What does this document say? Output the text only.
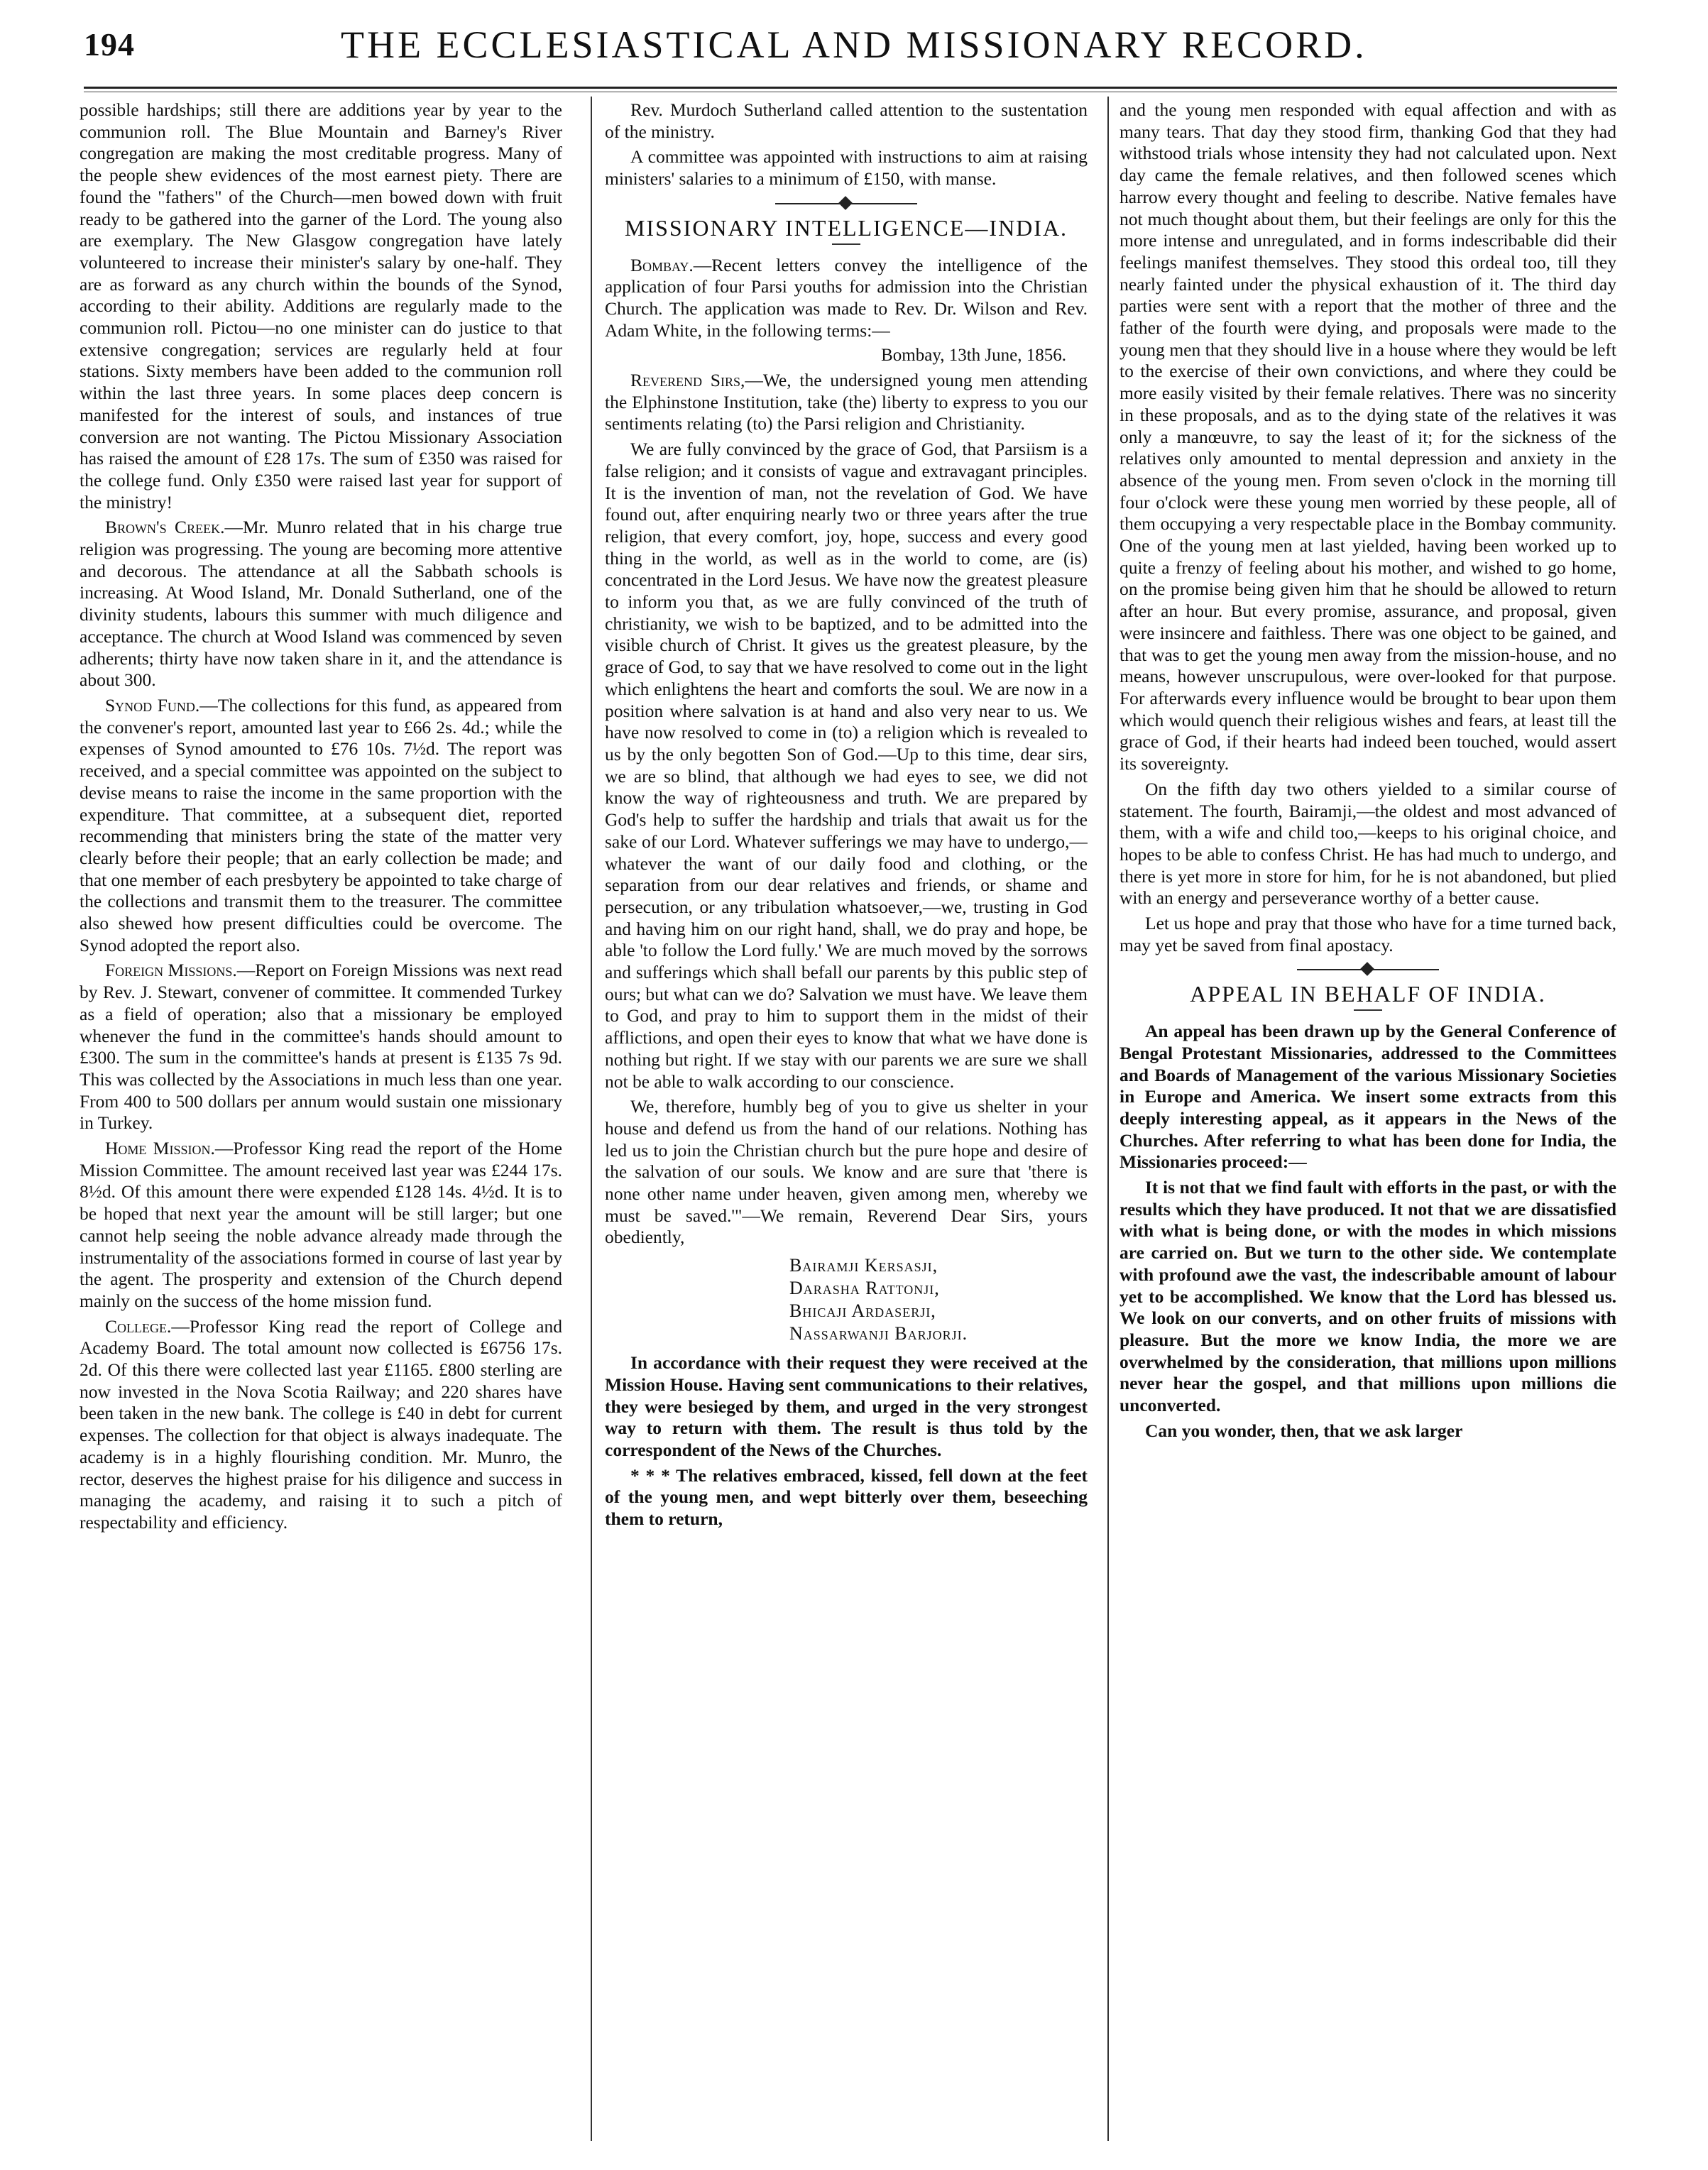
194	THE ECCLESIASTICAL AND MISSIONARY RECORD.

possible hardships; still there are additions year by year to the communion roll. The Blue Mountain and Barney's River congregation are making the most creditable progress. Many of the people shew evidences of the most earnest piety. There are found the "fathers" of the Church—men bowed down with fruit ready to be gathered into the garner of the Lord. The young also are exemplary. The New Glasgow congregation have lately volunteered to increase their minister's salary by one-half. They are as forward as any church within the bounds of the Synod, according to their ability. Additions are regularly made to the communion roll. Pictou—no one minister can do justice to that extensive congregation; services are regularly held at four stations. Sixty members have been added to the communion roll within the last three years. In some places deep concern is manifested for the interest of souls, and instances of true conversion are not wanting. The Pictou Missionary Association has raised the amount of £28 17s. The sum of £350 was raised for the college fund. Only £350 were raised last year for support of the ministry!

Brown's Creek.—Mr. Munro related that in his charge true religion was progressing. The young are becoming more attentive and decorous. The attendance at all the Sabbath schools is increasing. At Wood Island, Mr. Donald Sutherland, one of the divinity students, labours this summer with much diligence and acceptance. The church at Wood Island was commenced by seven adherents; thirty have now taken share in it, and the attendance is about 300.

Synod Fund.—The collections for this fund, as appeared from the convener's report, amounted last year to £66 2s. 4d.; while the expenses of Synod amounted to £76 10s. 7½d. The report was received, and a special committee was appointed on the subject to devise means to raise the income in the same proportion with the expenditure. That committee, at a subsequent diet, reported recommending that ministers bring the state of the matter very clearly before their people; that an early collection be made; and that one member of each presbytery be appointed to take charge of the collections and transmit them to the treasurer. The committee also shewed how present difficulties could be overcome. The Synod adopted the report also.

Foreign Missions.—Report on Foreign Missions was next read by Rev. J. Stewart, convener of committee. It commended Turkey as a field of operation; also that a missionary be employed whenever the fund in the committee's hands should amount to £300. The sum in the committee's hands at present is £135 7s 9d. This was collected by the Associations in much less than one year. From 400 to 500 dollars per annum would sustain one missionary in Turkey.

Home Mission.—Professor King read the report of the Home Mission Committee. The amount received last year was £244 17s. 8½d. Of this amount there were expended £128 14s. 4½d. It is to be hoped that next year the amount will be still larger; but one cannot help seeing the noble advance already made through the instrumentality of the associations formed in course of last year by the agent. The prosperity and extension of the Church depend mainly on the success of the home mission fund.

College.—Professor King read the report of College and Academy Board. The total amount now collected is £6756 17s. 2d. Of this there were collected last year £1165. £800 sterling are now invested in the Nova Scotia Railway; and 220 shares have been taken in the new bank. The college is £40 in debt for current expenses. The collection for that object is always inadequate. The academy is in a highly flourishing condition. Mr. Munro, the rector, deserves the highest praise for his diligence and success in managing the academy, and raising it to such a pitch of respectability and efficiency.

Rev. Murdoch Sutherland called attention to the sustentation of the ministry.

A committee was appointed with instructions to aim at raising ministers' salaries to a minimum of £150, with manse.

MISSIONARY INTELLIGENCE—INDIA.

Bombay.—Recent letters convey the intelligence of the application of four Parsi youths for admission into the Christian Church. The application was made to Rev. Dr. Wilson and Rev. Adam White, in the following terms:—

Bombay, 13th June, 1856.

Reverend Sirs,—We, the undersigned young men attending the Elphinstone Institution, take (the) liberty to express to you our sentiments relating (to) the Parsi religion and Christianity.

We are fully convinced by the grace of God, that Parsiism is a false religion; and it consists of vague and extravagant principles. It is the invention of man, not the revelation of God. We have found out, after enquiring nearly two or three years after the true religion, that every comfort, joy, hope, success and every good thing in the world, as well as in the world to come, are (is) concentrated in the Lord Jesus. We have now the greatest pleasure to inform you that, as we are fully convinced of the truth of christianity, we wish to be baptized, and to be admitted into the visible church of Christ. It gives us the greatest pleasure, by the grace of God, to say that we have resolved to come out in the light which enlightens the heart and comforts the soul. We are now in a position where salvation is at hand and also very near to us. We have now resolved to come in (to) a religion which is revealed to us by the only begotten Son of God.—Up to this time, dear sirs, we are so blind, that although we had eyes to see, we did not know the way of righteousness and truth. We are prepared by God's help to suffer the hardship and trials that await us for the sake of our Lord. Whatever sufferings we may have to undergo,—whatever the want of our daily food and clothing, or the separation from our dear relatives and friends, or shame and persecution, or any tribulation whatsoever,—we, trusting in God and having him on our right hand, shall, we do pray and hope, be able 'to follow the Lord fully.' We are much moved by the sorrows and sufferings which shall befall our parents by this public step of ours; but what can we do? Salvation we must have. We leave them to God, and pray to him to support them in the midst of their afflictions, and open their eyes to know that what we have done is nothing but right. If we stay with our parents we are sure we shall not be able to walk according to our conscience.

We, therefore, humbly beg of you to give us shelter in your house and defend us from the hand of our relations. Nothing has led us to join the Christian church but the pure hope and desire of the salvation of our souls. We know and are sure that 'there is none other name under heaven, given among men, whereby we must be saved.'"—We remain, Reverend Dear Sirs, yours obediently,

Bairamji Kersasji,
Darasha Rattonji,
Bhicaji Ardaserji,
Nassarwanji Barjorji.

In accordance with their request they were received at the Mission House. Having sent communications to their relatives, they were besieged by them, and urged in the very strongest way to return with them. The result is thus told by the correspondent of the News of the Churches.

* * * The relatives embraced, kissed, fell down at the feet of the young men, and wept bitterly over them, beseeching them to return,

and the young men responded with equal affection and with as many tears. That day they stood firm, thanking God that they had withstood trials whose intensity they had not calculated upon. Next day came the female relatives, and then followed scenes which harrow every thought and feeling to describe. Native females have not much thought about them, but their feelings are only for this the more intense and unregulated, and in forms indescribable did their feelings manifest themselves. They stood this ordeal too, till they nearly fainted under the physical exhaustion of it. The third day parties were sent with a report that the mother of three and the father of the fourth were dying, and proposals were made to the young men that they should live in a house where they would be left to the exercise of their own convictions, and where they could be more easily visited by their female relatives. There was no sincerity in these proposals, and as to the dying state of the relatives it was only a manœuvre, to say the least of it; for the sickness of the relatives only amounted to mental depression and anxiety in the absence of the young men. From seven o'clock in the morning till four o'clock were these young men worried by these people, all of them occupying a very respectable place in the Bombay community. One of the young men at last yielded, having been worked up to quite a frenzy of feeling about his mother, and wished to go home, on the promise being given him that he should be allowed to return after an hour. But every promise, assurance, and proposal, given were insincere and faithless. There was one object to be gained, and that was to get the young men away from the mission-house, and no means, however unscrupulous, were over-looked for that purpose. For afterwards every influence would be brought to bear upon them which would quench their religious wishes and fears, at least till the grace of God, if their hearts had indeed been touched, would assert its sovereignty.

On the fifth day two others yielded to a similar course of statement. The fourth, Bairamji,—the oldest and most advanced of them, with a wife and child too,—keeps to his original choice, and hopes to be able to confess Christ. He has had much to undergo, and there is yet more in store for him, for he is not abandoned, but plied with an energy and perseverance worthy of a better cause.

Let us hope and pray that those who have for a time turned back, may yet be saved from final apostacy.

APPEAL IN BEHALF OF INDIA.

An appeal has been drawn up by the General Conference of Bengal Protestant Missionaries, addressed to the Committees and Boards of Management of the various Missionary Societies in Europe and America. We insert some extracts from this deeply interesting appeal, as it appears in the News of the Churches. After referring to what has been done for India, the Missionaries proceed:—

It is not that we find fault with efforts in the past, or with the results which they have produced. It not that we are dissatisfied with what is being done, or with the modes in which missions are carried on. But we turn to the other side. We contemplate with profound awe the vast, the indescribable amount of labour yet to be accomplished. We know that the Lord has blessed us. We look on our converts, and on other fruits of missions with pleasure. But the more we know India, the more we are overwhelmed by the consideration, that millions upon millions never hear the gospel, and that millions upon millions die unconverted.

Can you wonder, then, that we ask larger
